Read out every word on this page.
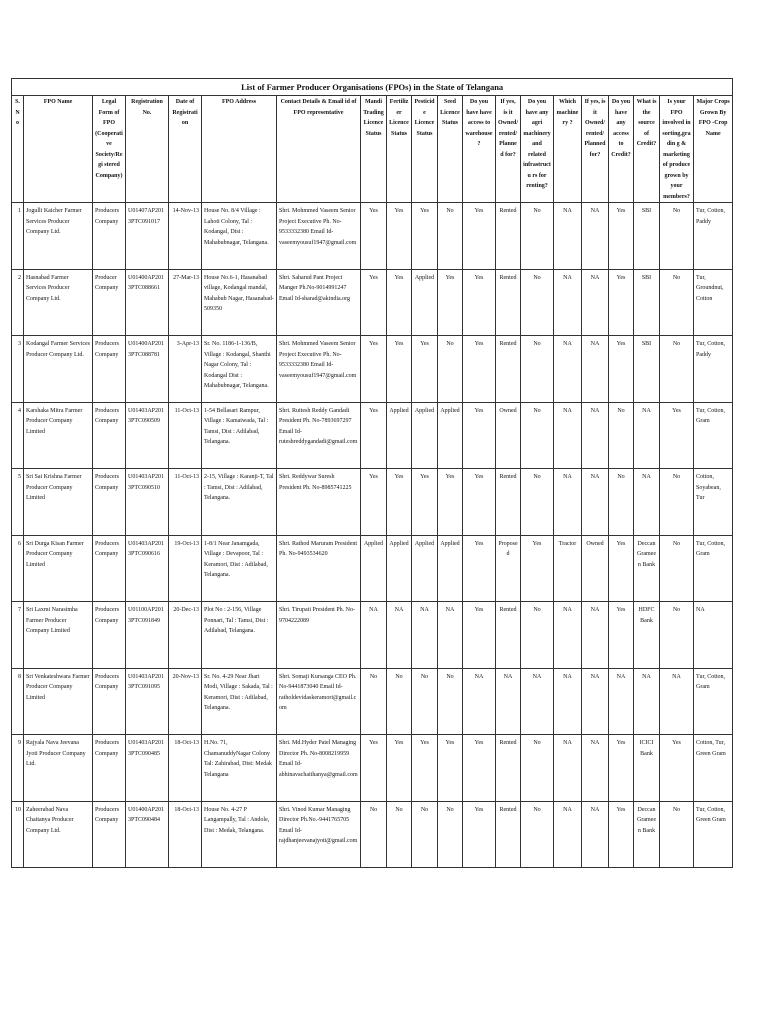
List of Farmer Producer Organisations (FPOs) in the State of Telangana																			
S.N o	FPO Name	Legal Form of FPO (Cooperative Society/Regi stered Company)	Registration No.	Date of Registration	FPO Address	Contact Details & Email id of FPO representative	Mandi Trading Licence Status	Fertilizer Licence Status	Pesticide Licence Status	Seed Licence Status	Do you have have access to warehouse?	If yes, is it Owned/ rented/ Planned for?	Do you have any agri machinery and related infrastructu rs for renting?	Which machinery ?	If yes, is it Owned/ rented/ Planned for?	Do you have any access to Credit?	What is the source of Credit?	Is your FPO involved in sorting,gradin g & marketing of produce grown by your members?	Major Crops Grown By FPO -Crop Name
1	Jogulli Kaicher Farmer Services Producer Company Ltd.	Producers Company	U01407AP2013PTC091017	14-Nov-13	House No. 8/4 Village : Lahoti Colony, Tal : Kodangal, Dist : Mahabubnagar, Telangana.	Shri. Mohmmed Vaseem Senior Project Executive Ph. No-9533332380 Email Id-vaseemyousuf1947@gmail.com	Yes	Yes	Yes	No	Yes	Rented	No	NA	NA	Yes	SBI	No	Tur, Cotton, Paddy
2	Hasnabad Farmer Services Producer Company Ltd.	Producer Company	U01400AP2013PTC088661	27-Mar-13	House No.6-1, Hasanabad village, Kodangal mandal, Mahabub Nagar, Hasanabad-509350	Shri. Saharud Pant Project Manger Ph.No-9014991247 Email Id-sharad@akindia.org	Yes	Yes	Applied	Yes	Yes	Rented	No	NA	NA	Yes	SBI	No	Tur, Groundnut, Cotton
3	Kodangal Farmer Services Producer Company Ltd.	Producers Company	U01400AP2013PTC088781	3-Apr-13	Sr. No. 1186-1-136/B, Village : Kodangal, Shanthi Nagar Colony, Tal : Kodangal Dist : Mahabubnagar, Telangana.	Shri. Mohmmed Vaseem Senior Project Executive Ph. No-9533332380 Email Id-vaseemyousuf1947@gmail.com	Yes	Yes	Yes	No	Yes	Rented	No	NA	NA	Yes	SBI	No	Tur, Cotton, Paddy
4	Karshaka Mitra Farmer Producer Company Limited	Producers Company	U01403AP2013PTC090509	11-Oct-13	1-54 Bellasari Rampur, Village : Kamaiwada, Tal : Tamsi, Dist : Adilabad, Telangana.	Shri. Ruitesh Reddy Gandadi President Ph. No-7893697297 Email Id-ruteshreddygandadi@gmail.com	Yes	Applied	Applied	Applied	Yes	Owned	No	NA	NA	No	NA	Yes	Tur, Cotton, Gram
5	Sri Sai Krishna Farmer Producer Company Limited	Producers Company	U01403AP2013PTC090510	11-Oct-13	2-15, Village : Karanji-T, Tal : Tamsi, Dist : Adilabad, Telangana.	Shri. Reddywar Suresh President Ph. No-8985741225	Yes	Yes	Yes	Yes	Yes	Rented	No	NA	NA	No	NA	No	Cotton, Soyabean, Tur
6	Sri Durga Kisan Farmer Producer Company Limited	Producers Company	U01403AP2013PTC090616	19-Oct-13	1-8/1 Near Janamgada, Village : Devapoor, Tal : Keramori, Dist : Adilabad, Telangana.	Shri. Rathod Maruram President Ph. No-9493534620	Applied	Applied	Applied	Applied	Yes	Proposed	Yes	Tractor	Owned	Yes	Deccan Grameen Bank	No	Tur, Cotton, Gram
7	Sri Laxmi Narasimha Farmer Producer Company Limited	Producers Company	U01100AP2013PTC091849	20-Dec-13	Plot No : 2-156, Village Ponnari, Tal : Tamsi, Dist : Adilabad, Telangana.	Shri. Tirupati President Ph. No-9704222089	NA	NA	NA	NA	Yes	Rented	No	NA	NA	Yes	HDFC Bank	No	NA
8	Sri Venkateshwara Farmer Producer Company Limited	Producers Company	U01403AP2013PTC091095	20-Nov-13	Sr. No. 4-29 Near Jhari Modi, Village : Sakada, Tal : Keramori, Dist : Adilabad, Telangana.	Shri. Somaji Kursanga CEO Ph. No-9441873040 Email Id-ratholdevidaskeramori@gmail.com	No	No	No	No	NA	NA	NA	NA	NA	NA	NA	NA	Tur, Cotton, Gram
9	Rajyala Nava Jeevana Jyoti Producer Company Ltd.	Producers Company	U01403AP2013PTC090485	18-Oct-13	H.No. 71, ChamanuddyNagar Colony Tal: Zahirabad, Dist: Medak Telangana	Shri. Md.Hyder Patel Managing Director Ph. No-8008219959 Email Id-abhinavachaithanya@gmail.com	Yes	Yes	Yes	Yes	Yes	Rented	No	NA	NA	Yes	ICICI Bank	Yes	Cotton, Tur, Green Gram
10	Zaheerabad Nava Chaitanya Producer Company Ltd.	Producers Company	U01400AP2013PTC090484	18-Oct-13	House No. 4-27 P Langampally, Tal : Andole, Dist : Medak, Telangana.	Shri. Vinod Kumar Managing Director Ph.No.-9441765705 Email Id-rajdhanjeevanajyoti@gmail.com	No	No	No	No	Yes	Rented	No	NA	NA	Yes	Deccan Grameen Bank	No	Tur, Cotton, Green Gram
